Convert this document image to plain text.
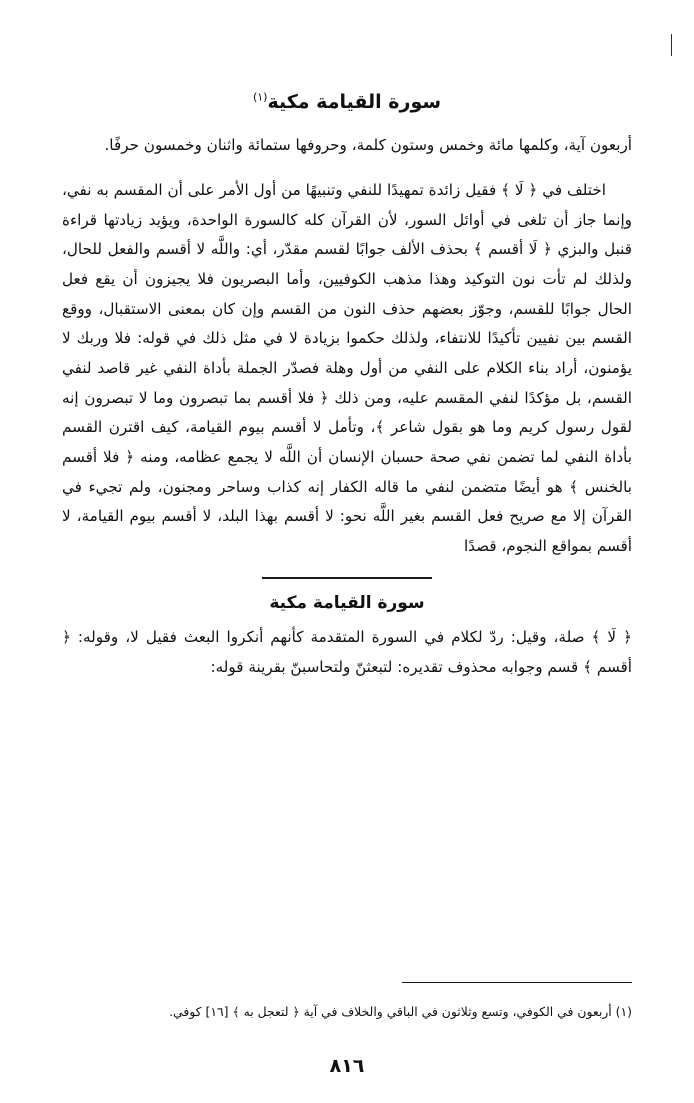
سورة القيامة مكية$^{(١)}$

أربعون آية، وكلمها مائة وخمس وستون كلمة، وحروفها ستمائة واثنان وخمسون حرفًا.

اختلف في ﴿ لَا ﴾ فقيل زائدة تمهيدًا للنفي وتنبيهًا من أول الأمر على أن المقسم به نفي، وإنما جاز أن تلغى في أوائل السور، لأن القرآن كله كالسورة الواحدة، ويؤيد زيادتها قراءة قنبل والبزي ﴿ لَا أقسم ﴾ بحذف الألف جوابًا لقسم مقدّر، أي: واللَّه لا أقسم والفعل للحال، ولذلك لم تأت نون التوكيد وهذا مذهب الكوفيين، وأما البصريون فلا يجيزون أن يقع فعل الحال جوابًا للقسم، وجوّز بعضهم حذف النون من القسم وإن كان بمعنى الاستقبال، ووقع القسم بين نفيين تأكيدًا للانتفاء، ولذلك حكموا بزيادة لا في مثل ذلك في قوله: فلا وربك لا يؤمنون، أراد بناء الكلام على النفي من أول وهلة فصدّر الجملة بأداة النفي غير قاصد لنفي القسم، بل مؤكدًا لنفي المقسم عليه، ومن ذلك ﴿ فلا أقسم بما تبصرون وما لا تبصرون إنه لقول رسول كريم وما هو بقول شاعر ﴾، وتأمل لا أقسم بيوم القيامة، كيف اقترن القسم بأداة النفي لما تضمن نفي صحة حسبان الإنسان أن اللَّه لا يجمع عظامه، ومنه ﴿ فلا أقسم بالخنس ﴾ هو أيضًا متضمن لنفي ما قاله الكفار إنه كذاب وساحر ومجنون، ولم تجيء في القرآن إلا مع صريح فعل القسم بغير اللَّه نحو: لا أقسم بهذا البلد، لا أقسم بيوم القيامة، لا أقسم بمواقع النجوم، قصدًا

سورة القيامة مكية

﴿ لَا ﴾ صلة، وقيل: ردّ لكلام في السورة المتقدمة كأنهم أنكروا البعث فقيل لا، وقوله: ﴿ أقسم ﴾ قسم وجوابه محذوف تقديره: لتبعثنّ ولتحاسبنّ بقرينة قوله:

(١) أربعون في الكوفي، وتسع وثلاثون في الباقي والخلاف في آية ﴿ لتعجل به ﴾ [١٦] كوفي.
٨١٦
